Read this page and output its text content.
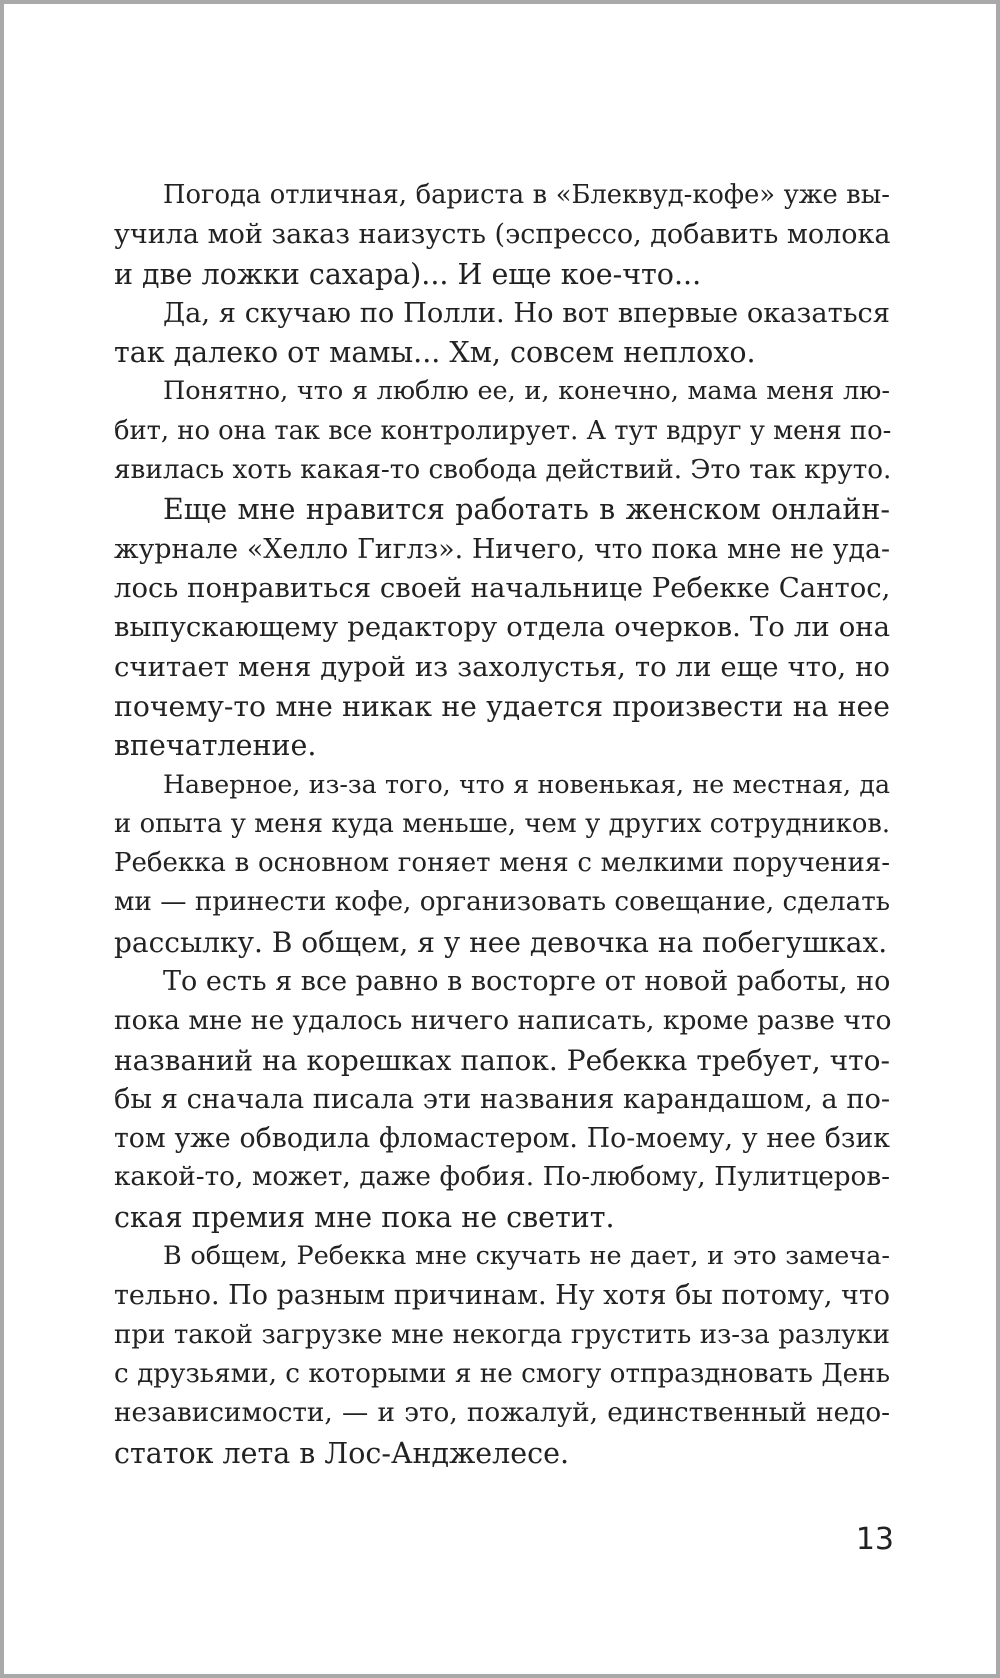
Погода отличная, бариста в «Блеквуд-кофе» уже вы-
учила мой заказ наизусть (эспрессо, добавить молока
и две ложки сахара)... И еще кое-что...
Да, я скучаю по Полли. Но вот впервые оказаться
так далеко от мамы... Хм, совсем неплохо.
Понятно, что я люблю ее, и, конечно, мама меня лю-
бит, но она так все контролирует. А тут вдруг у меня по-
явилась хоть какая-то свобода действий. Это так круто.
Еще мне нравится работать в женском онлайн-
журнале «Хелло Гиглз». Ничего, что пока мне не уда-
лось понравиться своей начальнице Ребекке Сантос,
выпускающему редактору отдела очерков. То ли она
считает меня дурой из захолустья, то ли еще что, но
почему-то мне никак не удается произвести на нее
впечатление.
Наверное, из-за того, что я новенькая, не местная, да
и опыта у меня куда меньше, чем у других сотрудников.
Ребекка в основном гоняет меня с мелкими поручения-
ми — принести кофе, организовать совещание, сделать
рассылку. В общем, я у нее девочка на побегушках.
То есть я все равно в восторге от новой работы, но
пока мне не удалось ничего написать, кроме разве что
названий на корешках папок. Ребекка требует, что-
бы я сначала писала эти названия карандашом, а по-
том уже обводила фломастером. По-моему, у нее бзик
какой-то, может, даже фобия. По-любому, Пулитцеров-
ская премия мне пока не светит.
В общем, Ребекка мне скучать не дает, и это замеча-
тельно. По разным причинам. Ну хотя бы потому, что
при такой загрузке мне некогда грустить из-за разлуки
с друзьями, с которыми я не смогу отпраздновать День
независимости, — и это, пожалуй, единственный недо-
статок лета в Лос-Анджелесе.
13
